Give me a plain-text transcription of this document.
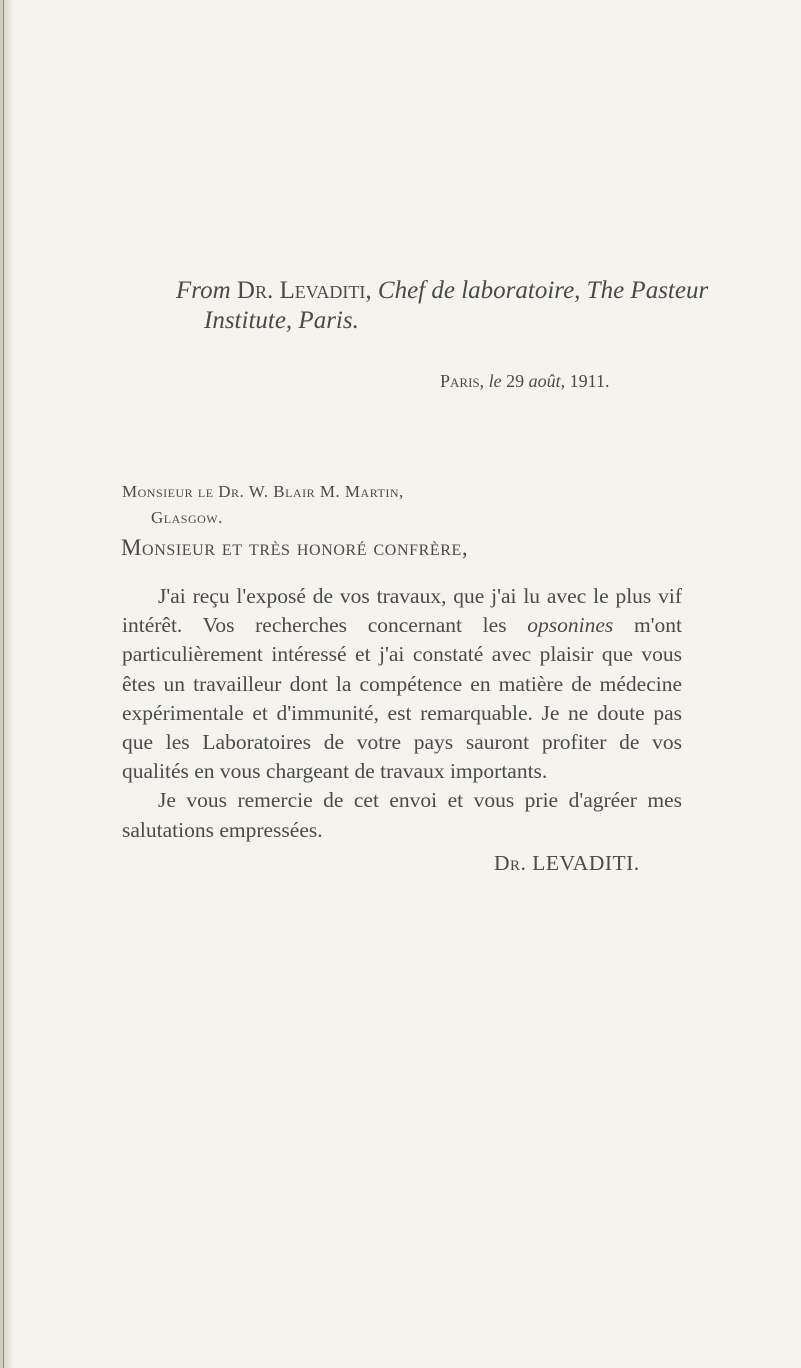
From Dr. Levaditi, Chef de laboratoire, The Pasteur
Institute, Paris.
Paris, le 29 août, 1911.
Monsieur le Dr. W. Blair M. Martin,
Glasgow.
Monsieur et très honoré confrère,

J'ai reçu l'exposé de vos travaux, que j'ai lu avec le plus vif intérêt. Vos recherches concernant les opsonines m'ont particulièrement intéressé et j'ai constaté avec plaisir que vous êtes un travailleur dont la compétence en matière de médecine expérimentale et d'immunité, est remarquable. Je ne doute pas que les Laboratoires de votre pays sauront profiter de vos qualités en vous chargeant de travaux importants.

Je vous remercie de cet envoi et vous prie d'agréer mes salutations empressées.

Dr. LEVADITI.
